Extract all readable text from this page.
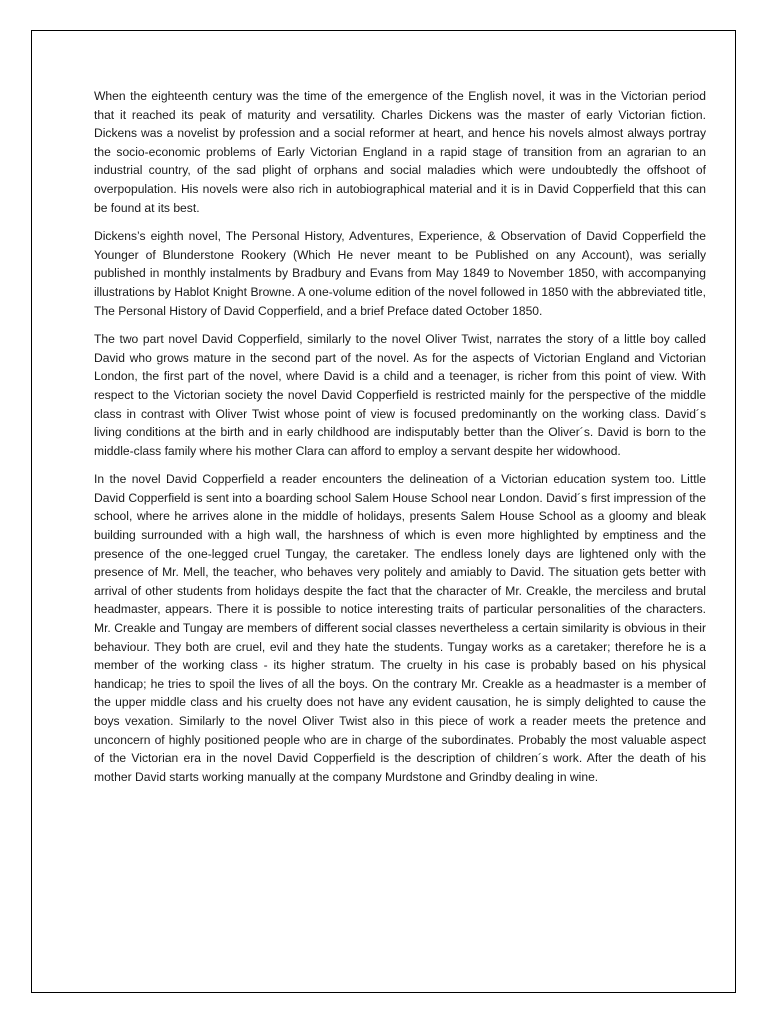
When the eighteenth century was the time of the emergence of the English novel, it was in the Victorian period that it reached its peak of maturity and versatility. Charles Dickens was the master of early Victorian fiction. Dickens was a novelist by profession and a social reformer at heart, and hence his novels almost always portray the socio-economic problems of Early Victorian England in a rapid stage of transition from an agrarian to an industrial country, of the sad plight of orphans and social maladies which were undoubtedly the offshoot of overpopulation. His novels were also rich in autobiographical material and it is in David Copperfield that this can be found at its best.

Dickens’s eighth novel, The Personal History, Adventures, Experience, & Observation of David Copperfield the Younger of Blunderstone Rookery (Which He never meant to be Published on any Account), was serially published in monthly instalments by Bradbury and Evans from May 1849 to November 1850, with accompanying illustrations by Hablot Knight Browne. A one-volume edition of the novel followed in 1850 with the abbreviated title, The Personal History of David Copperfield, and a brief Preface dated October 1850.

The two part novel David Copperfield, similarly to the novel Oliver Twist, narrates the story of a little boy called David who grows mature in the second part of the novel. As for the aspects of Victorian England and Victorian London, the first part of the novel, where David is a child and a teenager, is richer from this point of view. With respect to the Victorian society the novel David Copperfield is restricted mainly for the perspective of the middle class in contrast with Oliver Twist whose point of view is focused predominantly on the working class. David´s living conditions at the birth and in early childhood are indisputably better than the Oliver´s. David is born to the middle-class family where his mother Clara can afford to employ a servant despite her widowhood.

In the novel David Copperfield a reader encounters the delineation of a Victorian education system too. Little David Copperfield is sent into a boarding school Salem House School near London. David´s first impression of the school, where he arrives alone in the middle of holidays, presents Salem House School as a gloomy and bleak building surrounded with a high wall, the harshness of which is even more highlighted by emptiness and the presence of the one-legged cruel Tungay, the caretaker. The endless lonely days are lightened only with the presence of Mr. Mell, the teacher, who behaves very politely and amiably to David. The situation gets better with arrival of other students from holidays despite the fact that the character of Mr. Creakle, the merciless and brutal headmaster, appears. There it is possible to notice interesting traits of particular personalities of the characters. Mr. Creakle and Tungay are members of different social classes nevertheless a certain similarity is obvious in their behaviour. They both are cruel, evil and they hate the students. Tungay works as a caretaker; therefore he is a member of the working class - its higher stratum. The cruelty in his case is probably based on his physical handicap; he tries to spoil the lives of all the boys. On the contrary Mr. Creakle as a headmaster is a member of the upper middle class and his cruelty does not have any evident causation, he is simply delighted to cause the boys vexation. Similarly to the novel Oliver Twist also in this piece of work a reader meets the pretence and unconcern of highly positioned people who are in charge of the subordinates. Probably the most valuable aspect of the Victorian era in the novel David Copperfield is the description of children´s work. After the death of his mother David starts working manually at the company Murdstone and Grindby dealing in wine.
